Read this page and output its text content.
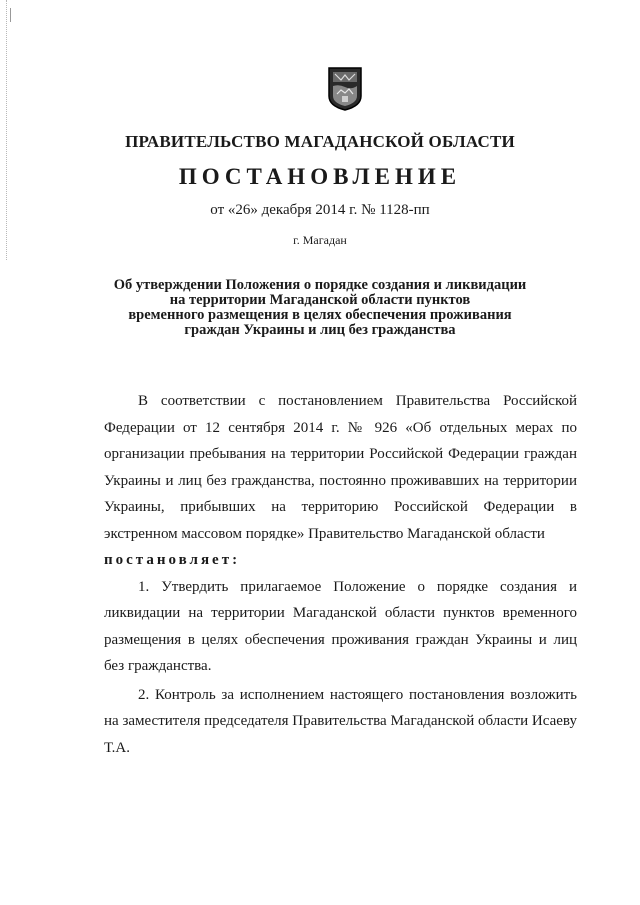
ПРАВИТЕЛЬСТВО МАГАДАНСКОЙ ОБЛАСТИ
ПОСТАНОВЛЕНИЕ
от «26» декабря 2014 г. № 1128-пп
г. Магадан
Об утверждении Положения о порядке создания и ликвидации
на территории Магаданской области пунктов
временного размещения в целях обеспечения проживания
граждан Украины и лиц без гражданства

В соответствии с постановлением Правительства Российской Федерации от 12 сентября 2014 г. № 926 «Об отдельных мерах по организации пребывания на территории Российской Федерации граждан Украины и лиц без гражданства, постоянно проживавших на территории Украины, прибывших на территорию Российской Федерации в экстренном массовом порядке» Правительство Магаданской области

постановляет:

1. Утвердить прилагаемое Положение о порядке создания и ликвидации на территории Магаданской области пунктов временного размещения в целях обеспечения проживания граждан Украины и лиц без гражданства.

2. Контроль за исполнением настоящего постановления возложить на заместителя председателя Правительства Магаданской области Исаеву Т.А.
